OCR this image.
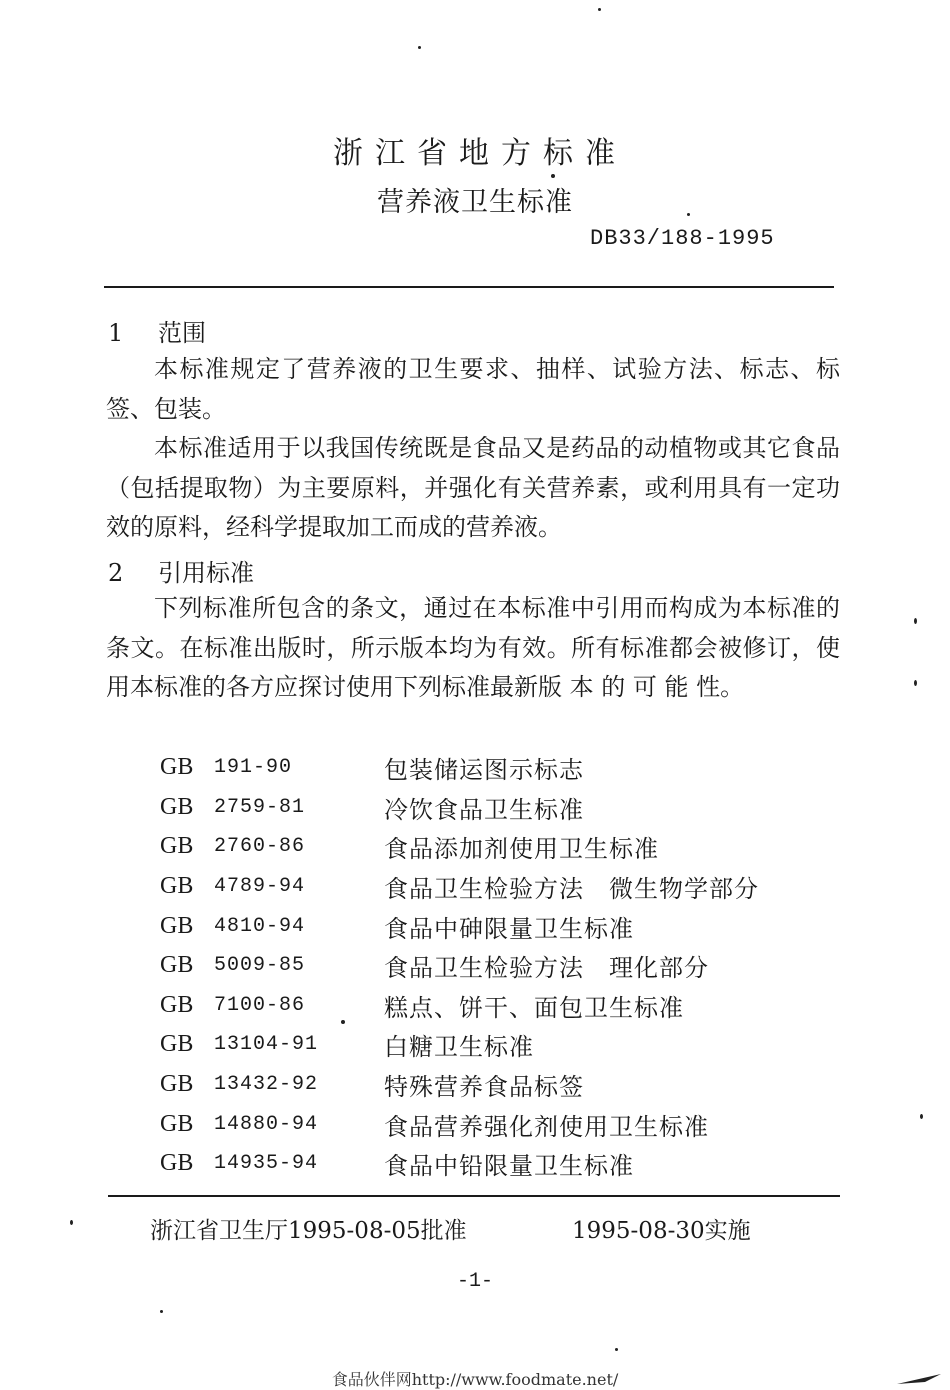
浙江省地方标准
营养液卫生标准
DB33/188-1995
1 范围

本标准规定了营养液的卫生要求、抽样、试验方法、标志、标签、包装。

本标准适用于以我国传统既是食品又是药品的动植物或其它食品（包括提取物）为主要原料，并强化有关营养素，或利用具有一定功效的原料，经科学提取加工而成的营养液。

2 引用标准

下列标准所包含的条文，通过在本标准中引用而构成为本标准的条文。在标准出版时，所示版本均为有效。所有标准都会被修订，使用本标准的各方应探讨使用下列标准最新版 本 的 可 能 性。

GB	191-90	包装储运图示标志
GB	2759-81	冷饮食品卫生标准
GB	2760-86	食品添加剂使用卫生标准
GB	4789-94	食品卫生检验方法　微生物学部分
GB	4810-94	食品中砷限量卫生标准
GB	5009-85	食品卫生检验方法　理化部分
GB	7100-86	糕点、饼干、面包卫生标准
GB	13104-91	白糖卫生标准
GB	13432-92	特殊营养食品标签
GB	14880-94	食品营养强化剂使用卫生标准
GB	14935-94	食品中铅限量卫生标准
浙江省卫生厅1995-08-05批准	1995-08-30实施
-1-
食品伙伴网http://www.foodmate.net/
